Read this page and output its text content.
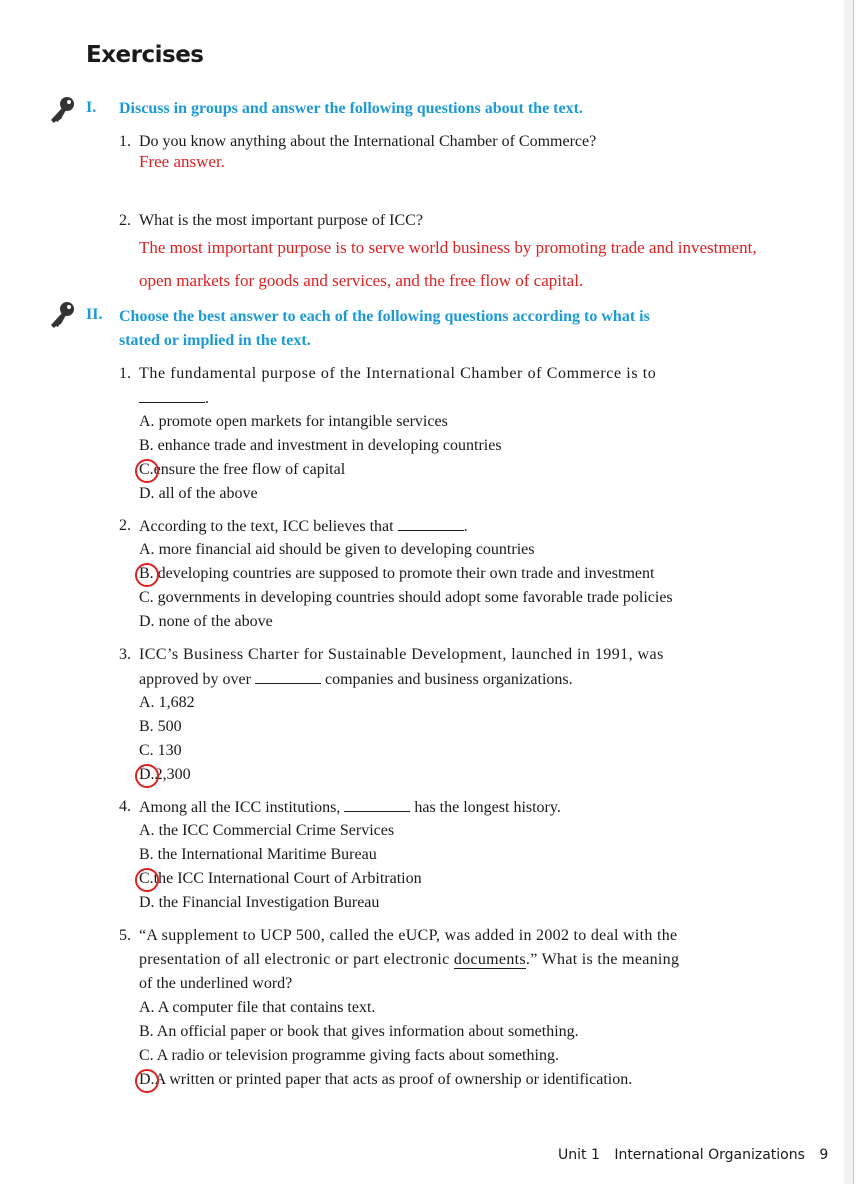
Exercises
I. Discuss in groups and answer the following questions about the text.
1. Do you know anything about the International Chamber of Commerce?
Free answer.
2. What is the most important purpose of ICC?
The most important purpose is to serve world business by promoting trade and investment,
open markets for goods and services, and the free flow of capital.
II. Choose the best answer to each of the following questions according to what is
stated or implied in the text.
1. The fundamental purpose of the International Chamber of Commerce is to
.
A. promote open markets for intangible services
B. enhance trade and investment in developing countries
C.ensure the free flow of capital
D. all of the above
2. According to the text, ICC believes that	.
A. more financial aid should be given to developing countries
B. developing countries are supposed to promote their own trade and investment
C. governments in developing countries should adopt some favorable trade policies
D. none of the above
3. ICC’s Business Charter for Sustainable Development, launched in 1991, was
approved by over	companies and business organizations.
A. 1,682
B. 500
C. 130
D.2,300
4. Among all the ICC institutions,	has the longest history.
A. the ICC Commercial Crime Services
B. the International Maritime Bureau
C.the ICC International Court of Arbitration
D. the Financial Investigation Bureau
5. “A supplement to UCP 500, called the eUCP, was added in 2002 to deal with the
presentation of all electronic or part electronic documents.” What is the meaning
of the underlined word?
A. A computer file that contains text.
B. An official paper or book that gives information about something.
C. A radio or television programme giving facts about something.
D.A written or printed paper that acts as proof of ownership or identification.
Unit 1 International Organizations 9
